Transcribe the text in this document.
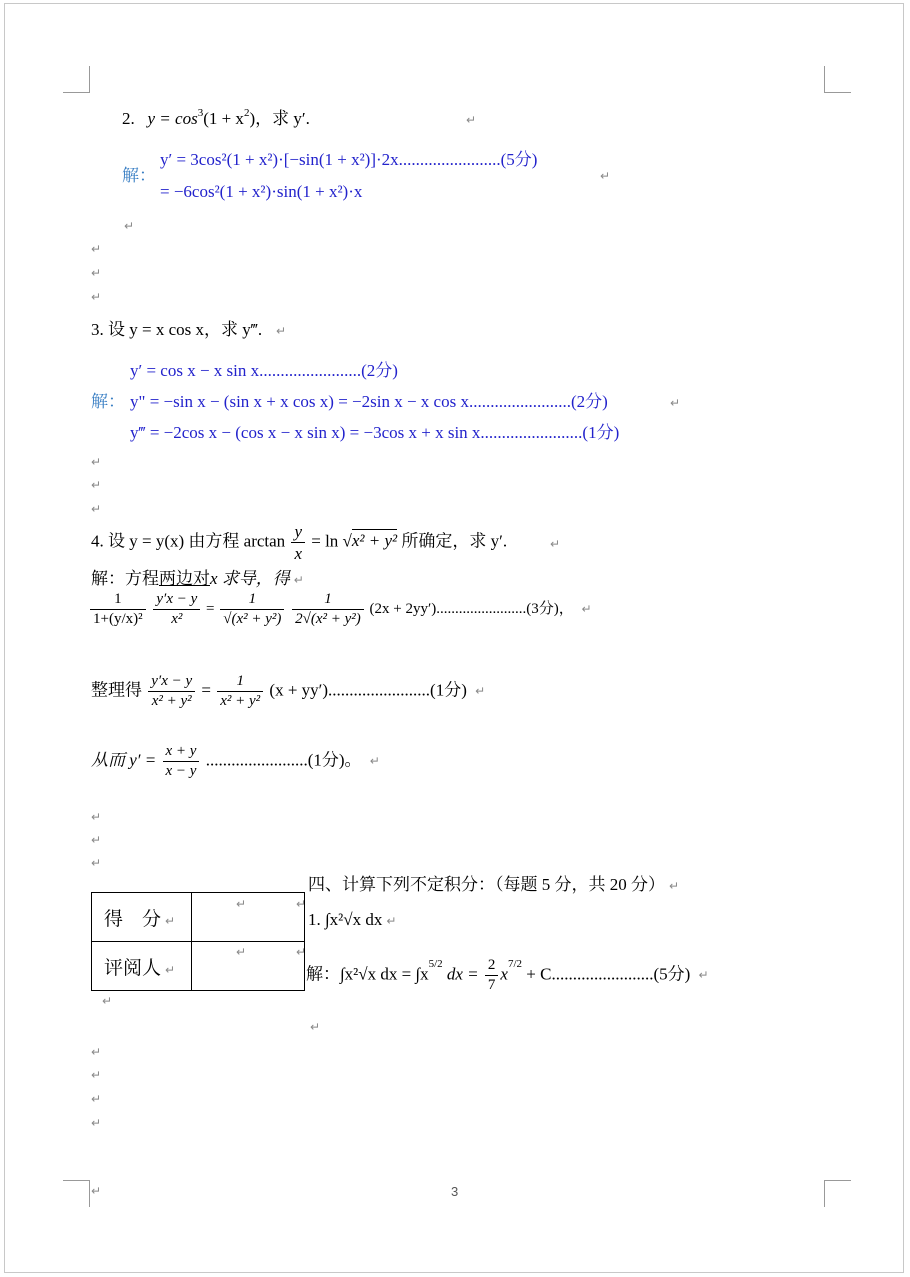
2. $y = \cos^3(1 + x^2)$，求 y′.	↵
解：
y′ = 3cos²(1 + x²)·[−sin(1 + x²)]·2x........................(5分)
↵
= −6cos²(1 + x²)·sin(1 + x²)·x
↵
↵
↵
↵
3. 设 y = x cos x，求 y‴. ↵
y′ = cos x − x sin x........................(2分)
解： y" = −sin x − (sin x + x cos x) = −2sin x − x cos x........................(2分)	↵
y‴ = −2cos x − (cos x − x sin x) = −3cos x + x sin x........................(1分)
↵
↵
↵
4. 设 y = y(x) 由方程 $\arctan \frac{y}{x} = \ln √x^2 + y^2$ 所确定，求 y′.	↵
解：方程两边对x 求导，得 ↵
$\frac{1}{\text{1+(y/x)²}}$
$\frac{y'x - y}{\text{x²}} = \frac{1}{\text{√(x² + y²)}}$
$\frac{1}{\text{2√(x² + y²)}} (2x + 2yy')........................(3$分)， ↵
整理得 $\frac{y'x - y}{\text{x² + y²}} = \frac{1}{\text{x² + y²}} (x + yy')........................(1$分) ↵
从而 $y' = \frac{x + y}{x - y} ........................(1$分)。 ↵
↵
↵
↵
四、计算下列不定积分：（每题 5 分，共 20 分） ↵
得　分 ↵	
评阅人 ↵	
↵
↵
↵
↵
↵
1. ∫x²√x dx ↵
解：∫x²√x dx = $\int x^{5/2}$ dx = $\frac{2}{7} x^{7/2} + C........................(5$分) ↵
↵
↵
↵
↵
↵
↵	3
